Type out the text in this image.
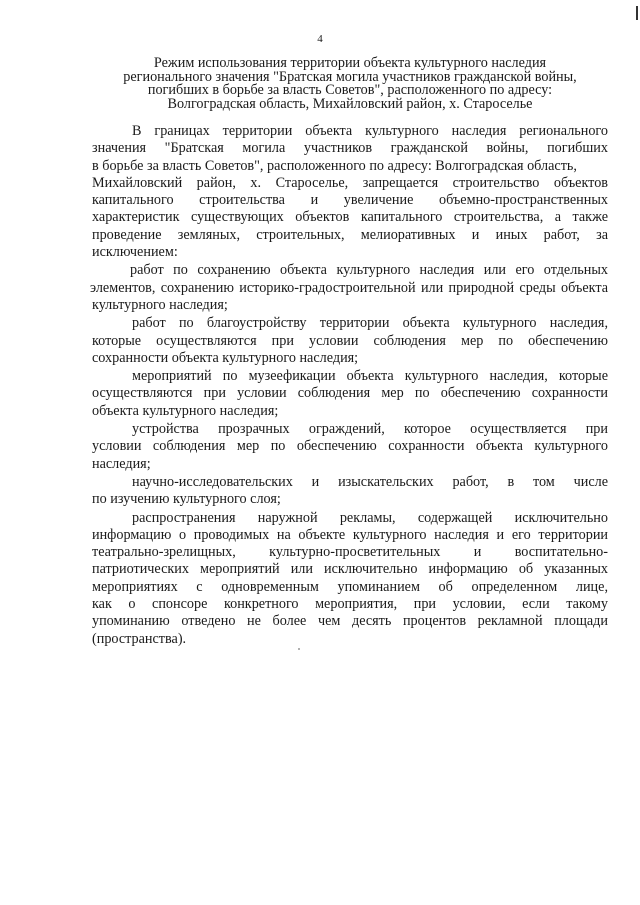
4
Режим использования территории объекта культурного наследия
регионального значения "Братская могила участников гражданской войны,
погибших в борьбе за власть Советов", расположенного по адресу:
Волгоградская область, Михайловский район, х. Староселье
В границах территории объекта культурного наследия регионального
значения "Братская могила участников гражданской войны, погибших
в борьбе за власть Советов", расположенного по адресу: Волгоградская область,
Михайловский район, х. Староселье, запрещается строительство объектов
капитального строительства и увеличение объемно-пространственных
характеристик существующих объектов капитального строительства, а также
проведение земляных, строительных, мелиоративных и иных работ, за
исключением:
работ по сохранению объекта культурного наследия или его отдельных
элементов, сохранению историко-градостроительной или природной среды объекта
культурного наследия;
работ по благоустройству территории объекта культурного наследия,
которые осуществляются при условии соблюдения мер по обеспечению
сохранности объекта культурного наследия;
мероприятий по музеефикации объекта культурного наследия, которые
осуществляются при условии соблюдения мер по обеспечению сохранности
объекта культурного наследия;
устройства прозрачных ограждений, которое осуществляется при
условии соблюдения мер по обеспечению сохранности объекта культурного
наследия;
научно-исследовательских и изыскательских работ, в том числе
по изучению культурного слоя;
распространения наружной рекламы, содержащей исключительно
информацию о проводимых на объекте культурного наследия и его территории
театрально-зрелищных, культурно-просветительных и воспитательно-
патриотических мероприятий или исключительно информацию об указанных
мероприятиях с одновременным упоминанием об определенном лице,
как о спонсоре конкретного мероприятия, при условии, если такому
упоминанию отведено не более чем десять процентов рекламной площади
(пространства).
